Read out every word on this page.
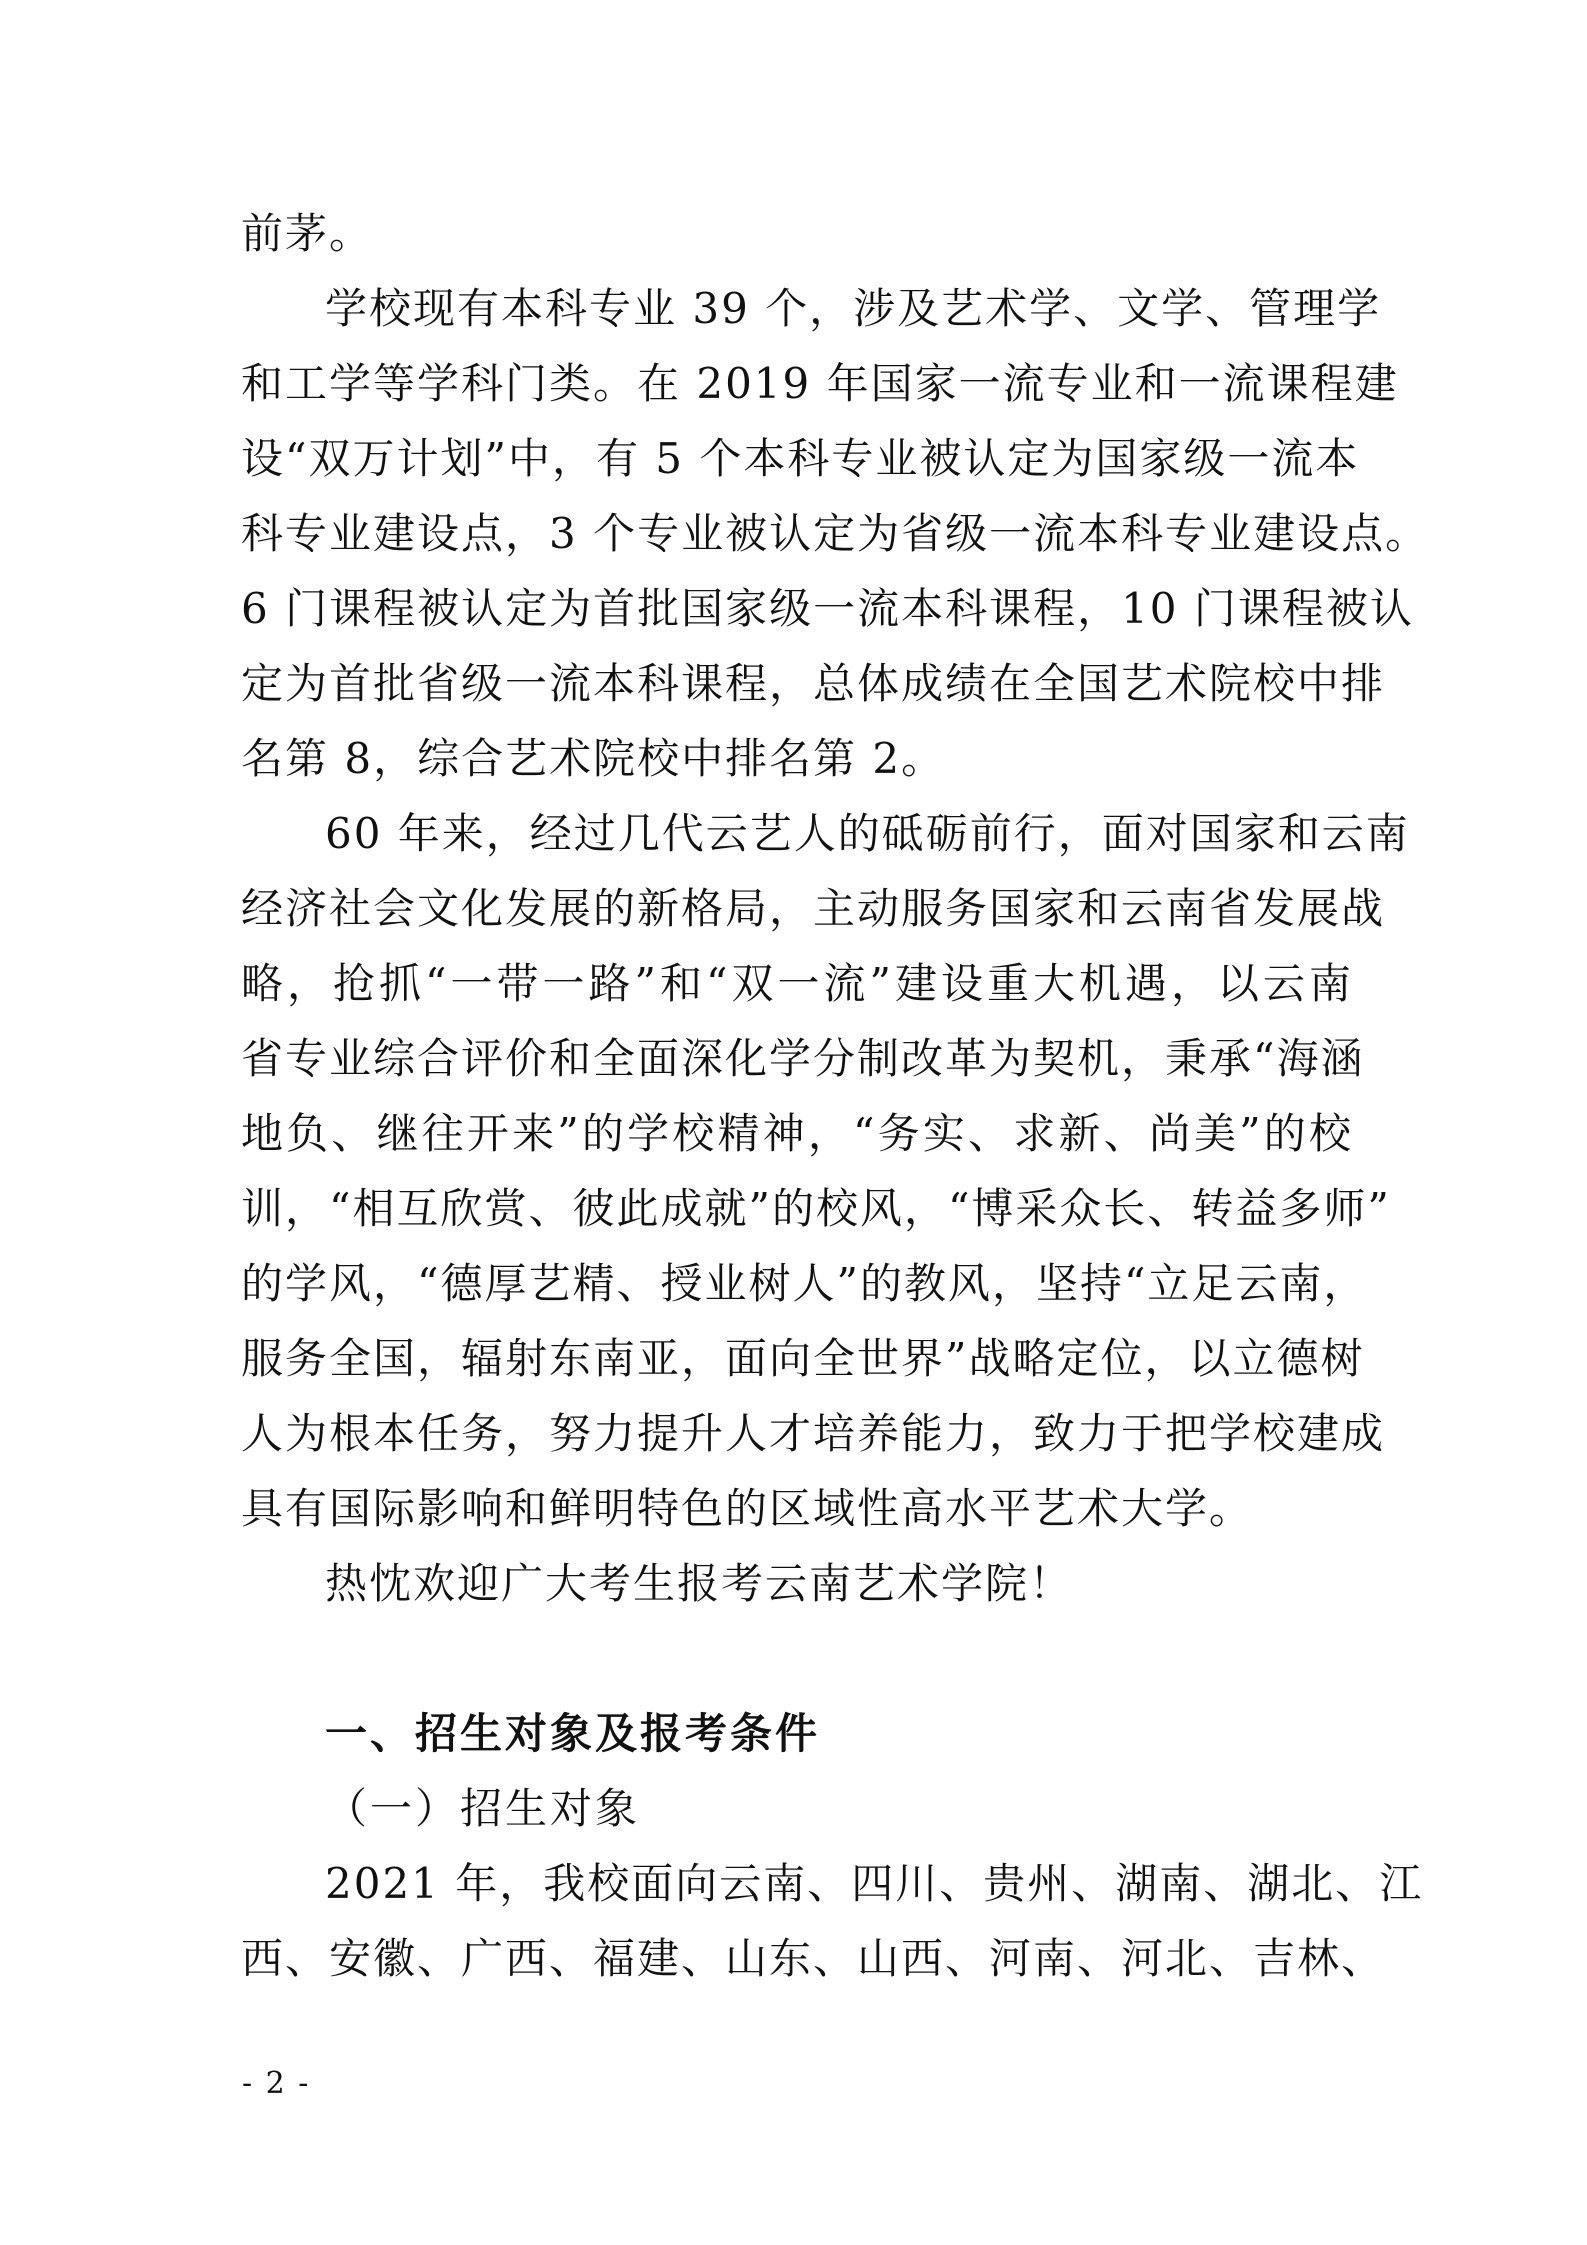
前茅。
学校现有本科专业 39 个，涉及艺术学、文学、管理学
和工学等学科门类。在 2019 年国家一流专业和一流课程建
设“双万计划”中，有 5 个本科专业被认定为国家级一流本
科专业建设点，3 个专业被认定为省级一流本科专业建设点。
6 门课程被认定为首批国家级一流本科课程，10 门课程被认
定为首批省级一流本科课程，总体成绩在全国艺术院校中排
名第 8，综合艺术院校中排名第 2。
60 年来，经过几代云艺人的砥砺前行，面对国家和云南
经济社会文化发展的新格局，主动服务国家和云南省发展战
略，抢抓“一带一路”和“双一流”建设重大机遇，以云南
省专业综合评价和全面深化学分制改革为契机，秉承“海涵
地负、继往开来”的学校精神，“务实、求新、尚美”的校
训，“相互欣赏、彼此成就”的校风，“博采众长、转益多师”
的学风，“德厚艺精、授业树人”的教风，坚持“立足云南，
服务全国，辐射东南亚，面向全世界”战略定位，以立德树
人为根本任务，努力提升人才培养能力，致力于把学校建成
具有国际影响和鲜明特色的区域性高水平艺术大学。
热忱欢迎广大考生报考云南艺术学院！
一、招生对象及报考条件
（一）招生对象
2021 年，我校面向云南、四川、贵州、湖南、湖北、江
西、安徽、广西、福建、山东、山西、河南、河北、吉林、
- 2 -
